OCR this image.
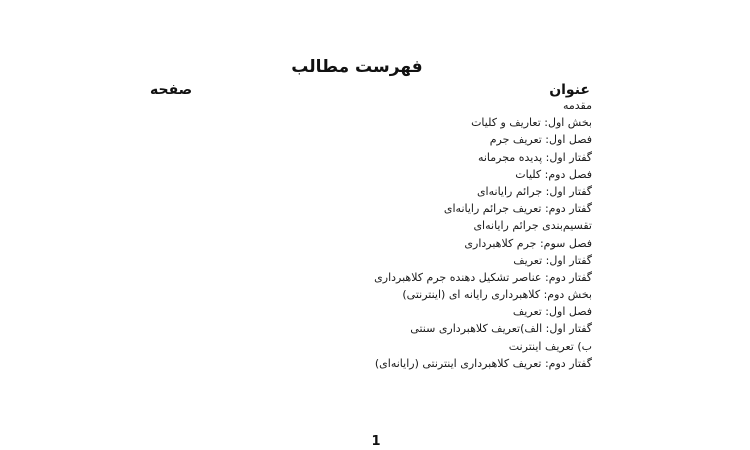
فهرست مطالب
عنوان
صفحه
مقدمه
بخش اول: تعاریف و کلیات
فصل اول: تعریف جرم
گفتار اول: پدیده مجرمانه
فصل دوم: کلیات
گفتار اول: جرائم رایانه‌ای
گفتار دوم: تعریف جرائم رایانه‌ای
تقسیم‌بندی جرائم رایانه‌ای
فصل سوم: جرم کلاهبرداری
گفتار اول: تعریف
گفتار دوم: عناصر تشکیل دهنده جرم کلاهبرداری
بخش دوم: کلاهبرداری رایانه ای (اینترنتی)
فصل اول: تعریف
گفتار اول: الف)تعریف کلاهبرداری سنتی
ب) تعریف اینترنت
گفتار دوم: تعریف کلاهبرداری اینترنتی (رایانه‌ای)
1
